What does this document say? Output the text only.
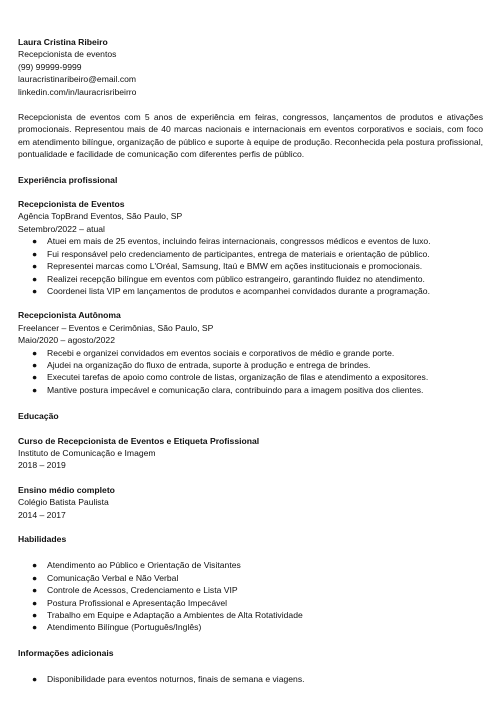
Laura Cristina Ribeiro
Recepcionista de eventos
(99) 99999-9999
lauracristinaribeiro@email.com
linkedin.com/in/lauracrisribeirro
Recepcionista de eventos com 5 anos de experiência em feiras, congressos, lançamentos de produtos e ativações promocionais. Representou mais de 40 marcas nacionais e internacionais em eventos corporativos e sociais, com foco em atendimento bilíngue, organização de público e suporte à equipe de produção. Reconhecida pela postura profissional, pontualidade e facilidade de comunicação com diferentes perfis de público.
Experiência profissional
Recepcionista de Eventos
Agência TopBrand Eventos, São Paulo, SP
Setembro/2022 – atual
● Atuei em mais de 25 eventos, incluindo feiras internacionais, congressos médicos e eventos de luxo.
● Fui responsável pelo credenciamento de participantes, entrega de materiais e orientação de público.
● Representei marcas como L'Oréal, Samsung, Itaú e BMW em ações institucionais e promocionais.
● Realizei recepção bilíngue em eventos com público estrangeiro, garantindo fluidez no atendimento.
● Coordenei lista VIP em lançamentos de produtos e acompanhei convidados durante a programação.
Recepcionista Autônoma
Freelancer – Eventos e Cerimônias, São Paulo, SP
Maio/2020 – agosto/2022
● Recebi e organizei convidados em eventos sociais e corporativos de médio e grande porte.
● Ajudei na organização do fluxo de entrada, suporte à produção e entrega de brindes.
● Executei tarefas de apoio como controle de listas, organização de filas e atendimento a expositores.
● Mantive postura impecável e comunicação clara, contribuindo para a imagem positiva dos clientes.
Educação
Curso de Recepcionista de Eventos e Etiqueta Profissional
Instituto de Comunicação e Imagem
2018 – 2019
Ensino médio completo
Colégio Batista Paulista
2014 – 2017
Habilidades
● Atendimento ao Público e Orientação de Visitantes
● Comunicação Verbal e Não Verbal
● Controle de Acessos, Credenciamento e Lista VIP
● Postura Profissional e Apresentação Impecável
● Trabalho em Equipe e Adaptação a Ambientes de Alta Rotatividade
● Atendimento Bilíngue (Português/Inglês)
Informações adicionais
● Disponibilidade para eventos noturnos, finais de semana e viagens.
